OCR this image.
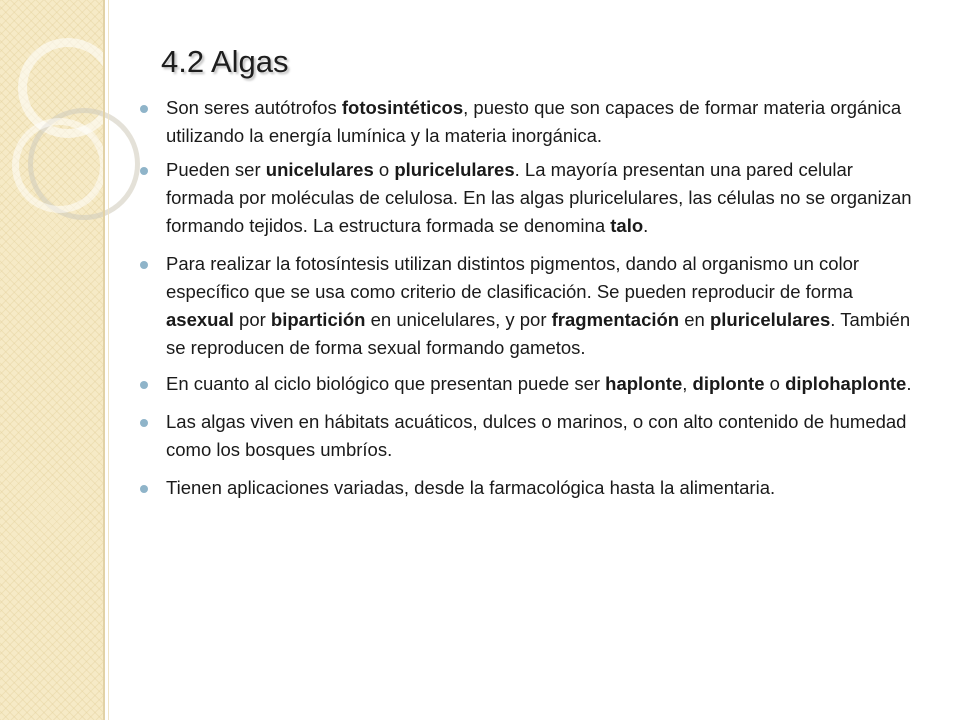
4.2 Algas
Son seres autótrofos fotosintéticos, puesto que son capaces de formar materia orgánica utilizando la energía lumínica y la materia inorgánica.
Pueden ser unicelulares o pluricelulares. La mayoría presentan una pared celular formada por moléculas de celulosa. En las algas pluricelulares, las células no se organizan formando tejidos. La estructura formada se denomina talo.
Para realizar la fotosíntesis utilizan distintos pigmentos, dando al organismo un color específico que se usa como criterio de clasificación. Se pueden reproducir de forma asexual por bipartición en unicelulares, y por fragmentación en pluricelulares. También se reproducen de forma sexual formando gametos.
En cuanto al ciclo biológico que presentan puede ser haplonte, diplonte o diplohaplonte.
Las algas viven en hábitats acuáticos, dulces o marinos, o con alto contenido de humedad como los bosques umbríos.
Tienen aplicaciones variadas, desde la farmacológica hasta la alimentaria.
